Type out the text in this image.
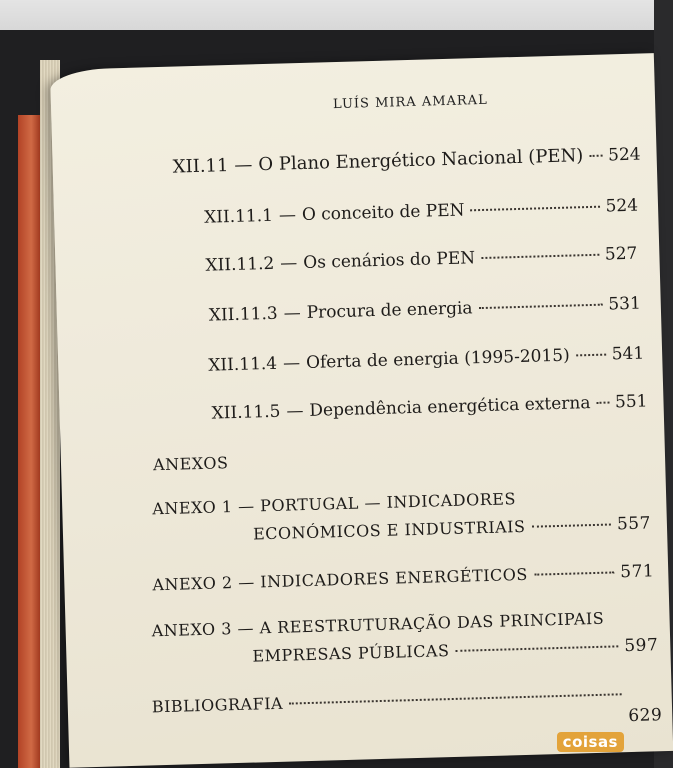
LUÍS MIRA AMARAL
XII.11 — O Plano Energético Nacional (PEN) 524
XII.11.1 — O conceito de PEN	524
XII.11.2 — Os cenários do PEN	527
XII.11.3 — Procura de energia	531
XII.11.4 — Oferta de energia (1995-2015) 541
XII.11.5 — Dependência energética externa 551
ANEXOS
ANEXO 1 — PORTUGAL — INDICADORES
ECONÓMICOS E INDUSTRIAIS	557
ANEXO 2 — INDICADORES ENERGÉTICOS	571
ANEXO 3 — A REESTRUTURAÇÃO DAS PRINCIPAIS
EMPRESAS PÚBLICAS	597
BIBLIOGRAFIA	629
coisas
